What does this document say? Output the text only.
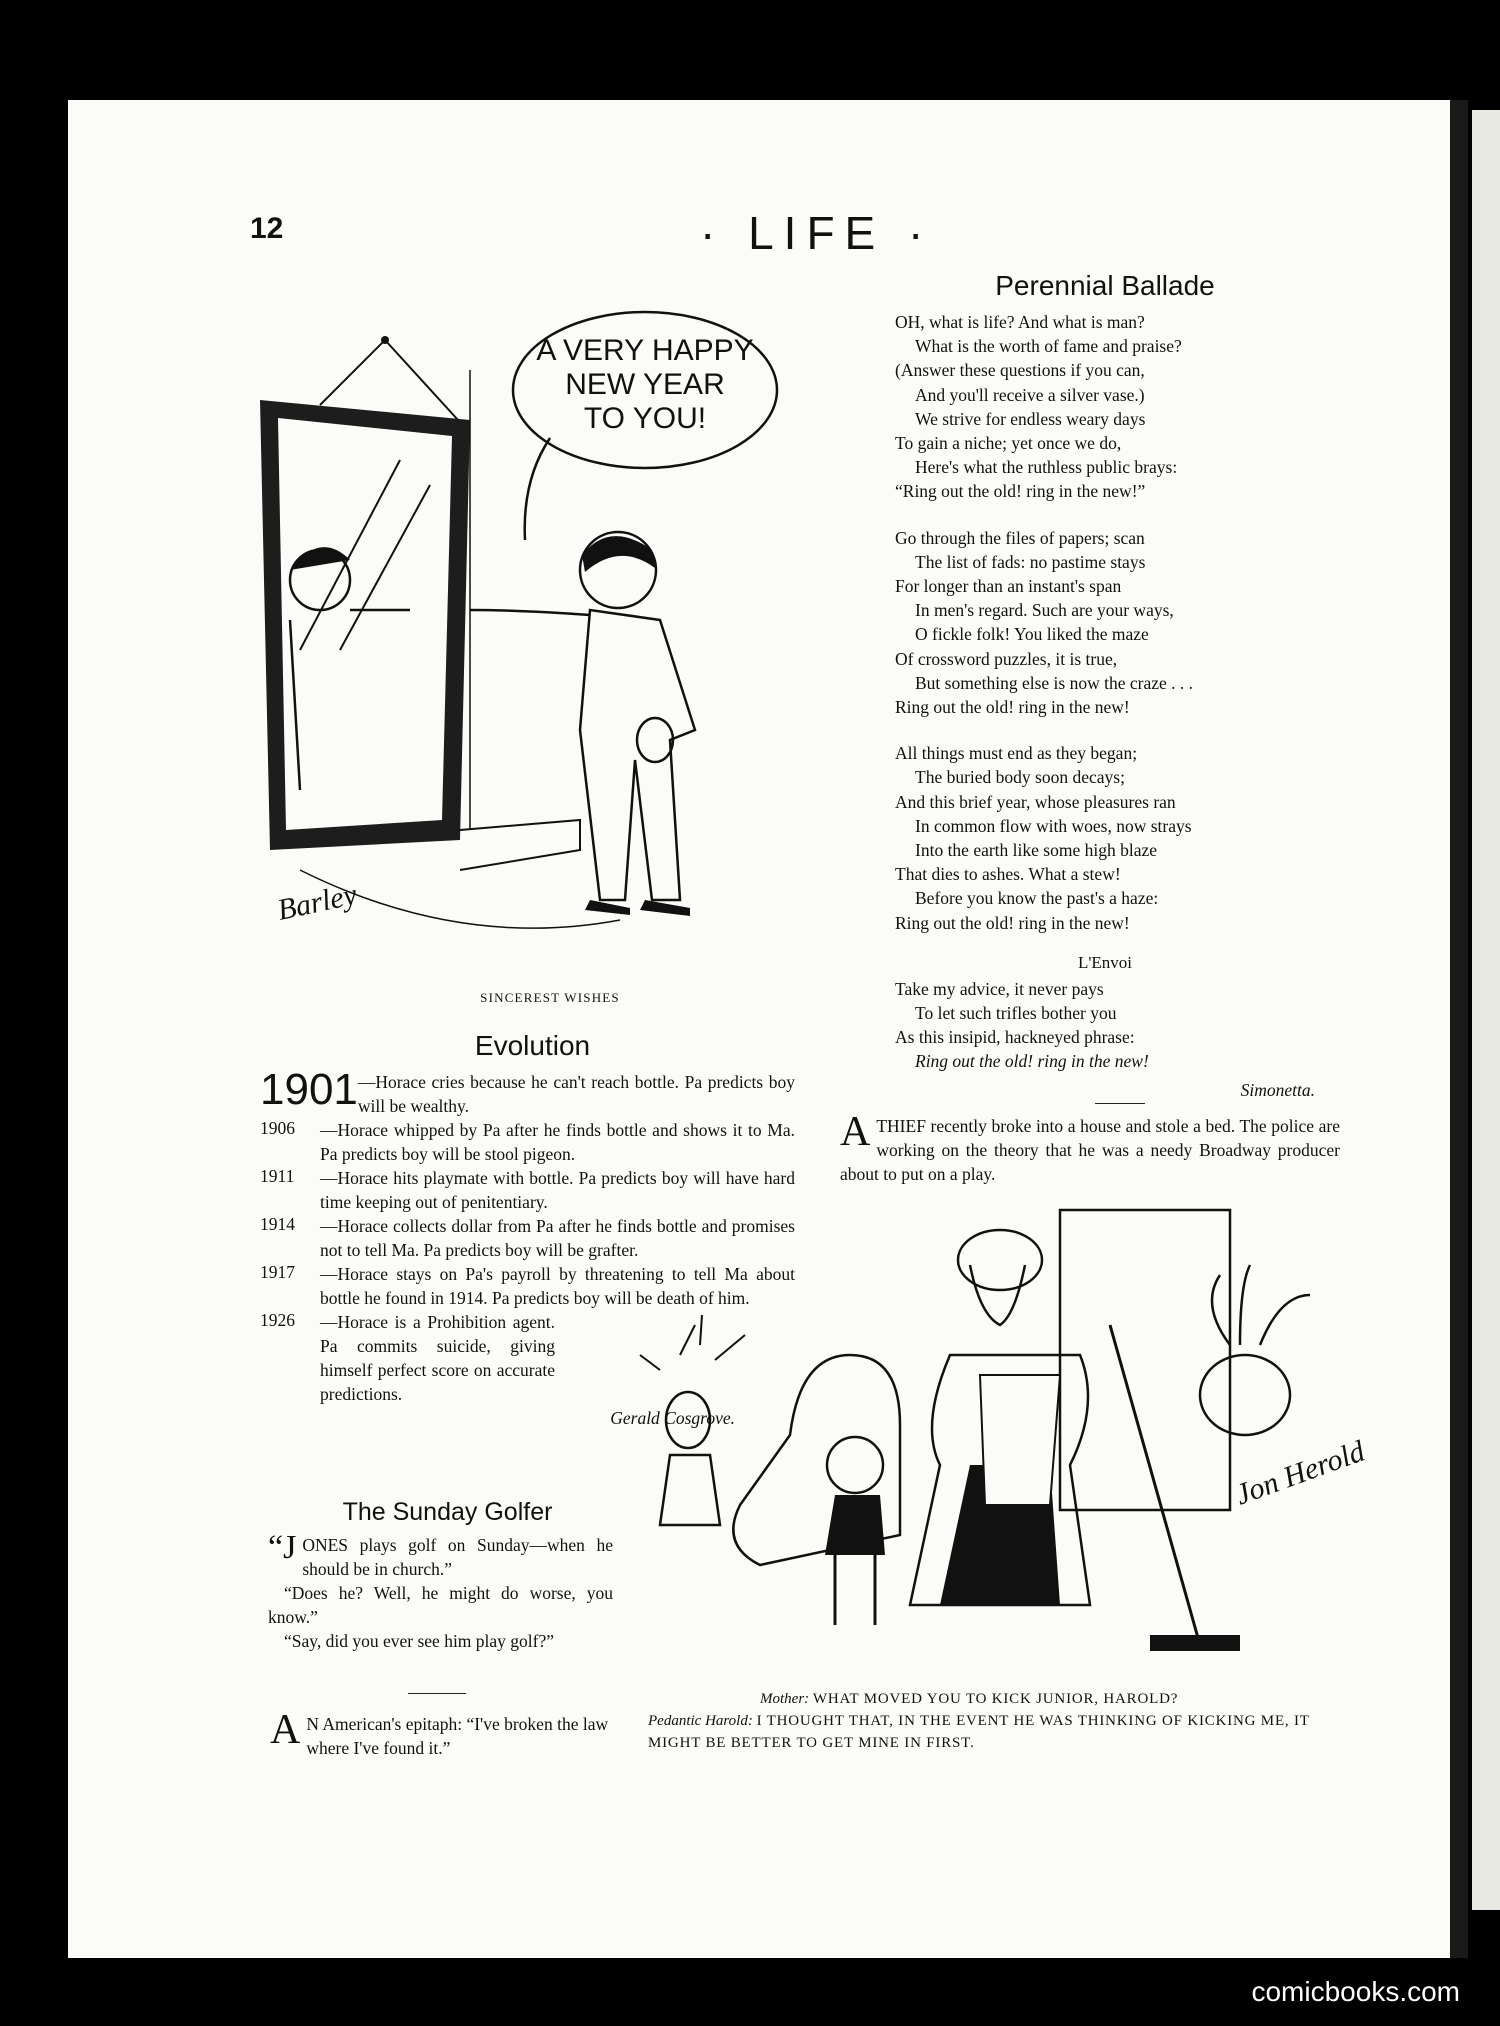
12	· LIFE ·
A VERY HAPPY
NEW YEAR
TO YOU!
Barley
SINCEREST WISHES
Perennial Ballade

OH, what is life? And what is man?

What is the worth of fame and praise?

(Answer these questions if you can,

And you'll receive a silver vase.)

We strive for endless weary days

To gain a niche; yet once we do,

Here's what the ruthless public brays:

“Ring out the old! ring in the new!”

Go through the files of papers; scan

The list of fads: no pastime stays

For longer than an instant's span

In men's regard. Such are your ways,

O fickle folk! You liked the maze

Of crossword puzzles, it is true,

But something else is now the craze . . .

Ring out the old! ring in the new!

All things must end as they began;

The buried body soon decays;

And this brief year, whose pleasures ran

In common flow with woes, now strays

Into the earth like some high blaze

That dies to ashes. What a stew!

Before you know the past's a haze:

Ring out the old! ring in the new!

L'Envoi

Take my advice, it never pays

To let such trifles bother you

As this insipid, hackneyed phrase:

Ring out the old! ring in the new!

Simonetta.

ATHIEF recently broke into a house and stole a bed. The police are working on the theory that he was a needy Broadway producer about to put on a play.
Jon Herold
Mother: WHAT MOVED YOU TO KICK JUNIOR, HAROLD?
Pedantic Harold: I THOUGHT THAT, IN THE EVENT HE WAS THINKING OF KICKING ME, IT MIGHT BE BETTER TO GET MINE IN FIRST.
Evolution
1901 —Horace cries because he can't reach bottle. Pa predicts boy will be wealthy.

1906	—Horace whipped by Pa after he finds bottle and shows it to Ma. Pa predicts boy will be stool pigeon.

1911	—Horace hits playmate with bottle. Pa predicts boy will have hard time keeping out of penitentiary.

1914	—Horace collects dollar from Pa after he finds bottle and promises not to tell Ma. Pa predicts boy will be grafter.

1917	—Horace stays on Pa's payroll by threatening to tell Ma about bottle he found in 1914. Pa predicts boy will be death of him.

1926	—Horace is a Prohibition agent. Pa commits suicide, giving himself perfect score on accurate predictions.

Gerald Cosgrove.

The Sunday Golfer
“JONES plays golf on Sunday—when he should be in church.”
“Does he? Well, he might do worse, you know.”
“Say, did you ever see him play golf?”
A N American's epitaph: “I've broken the law where I've found it.”
comicbooks.com
